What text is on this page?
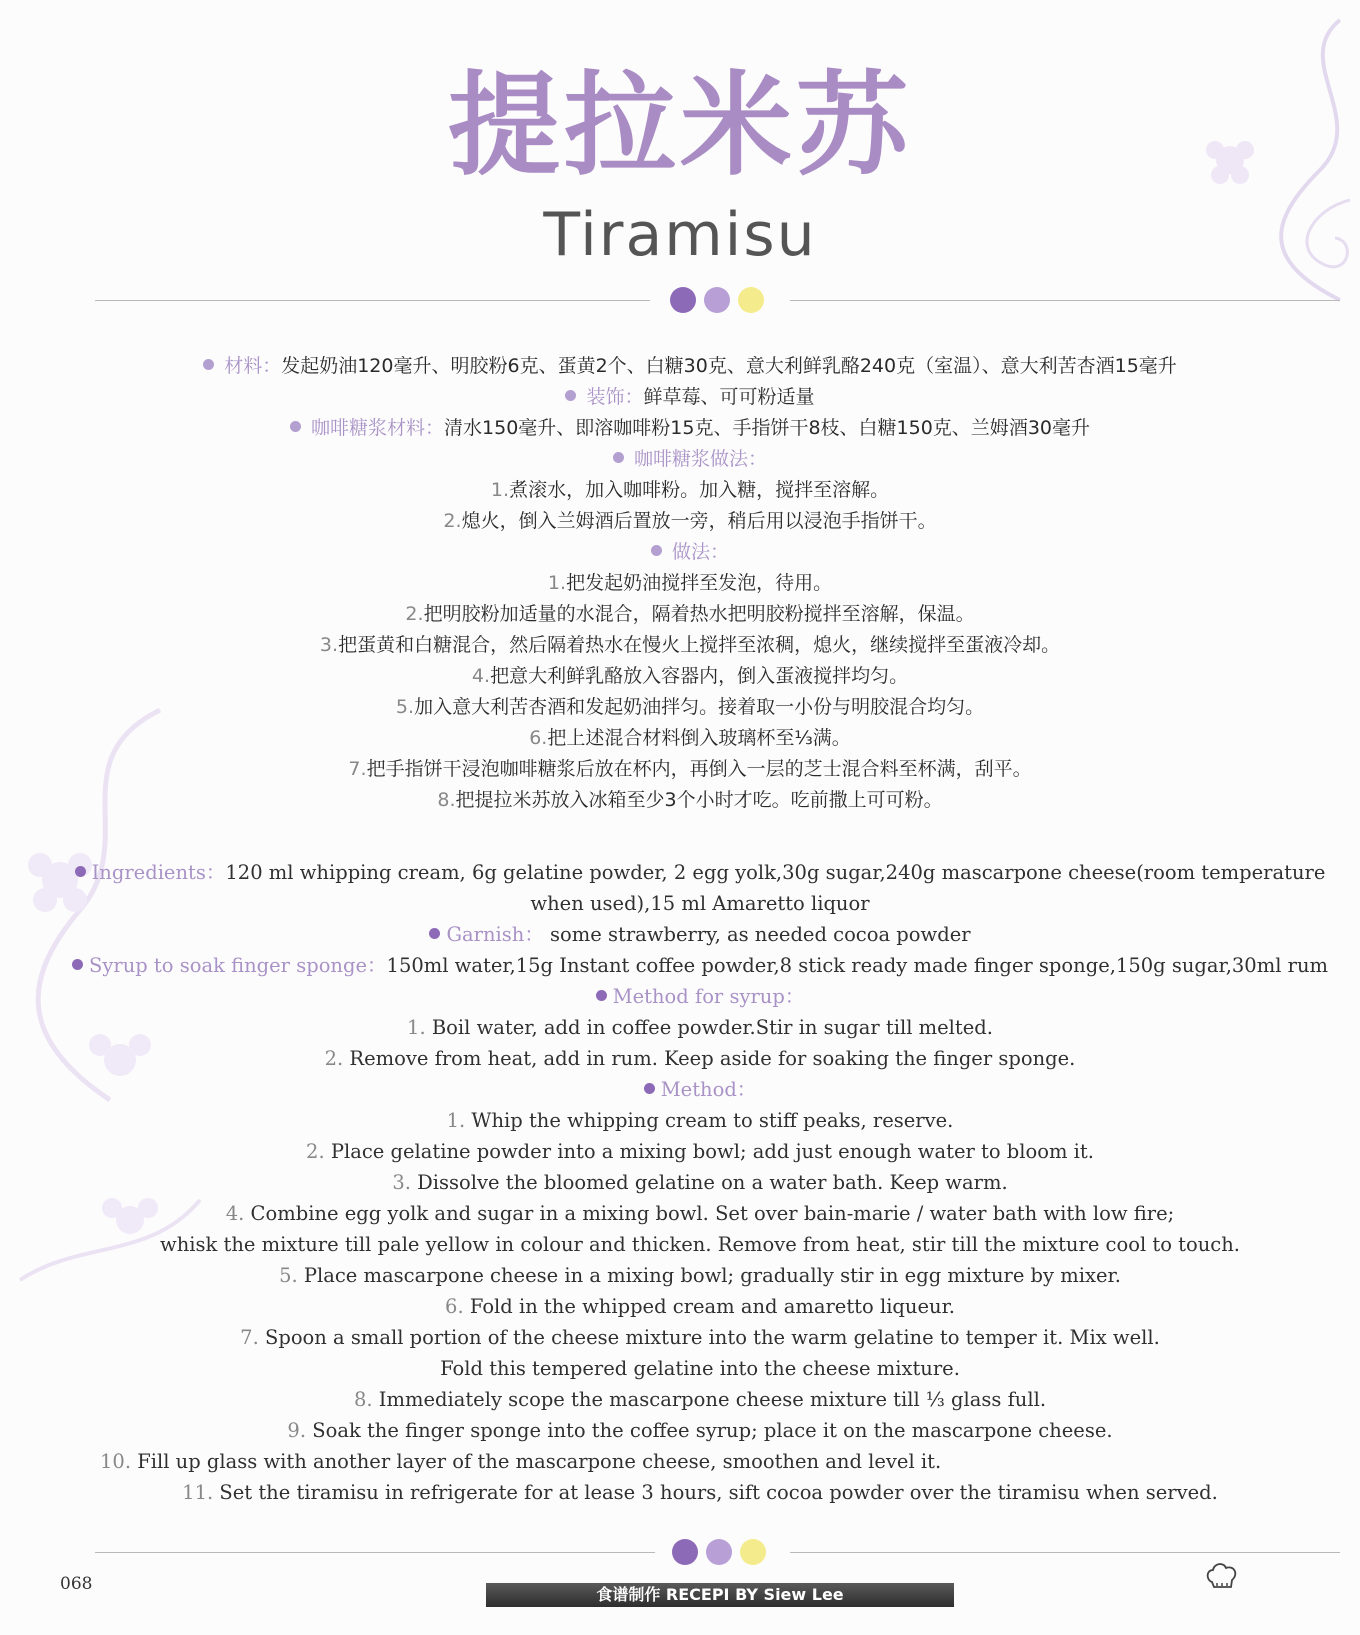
提拉米苏
Tiramisu
材料：发起奶油120毫升、明胶粉6克、蛋黄2个、白糖30克、意大利鲜乳酪240克（室温）、意大利苦杏酒15毫升
装饰：鲜草莓、可可粉适量
咖啡糖浆材料：清水150毫升、即溶咖啡粉15克、手指饼干8枝、白糖150克、兰姆酒30毫升
咖啡糖浆做法：
1.煮滚水，加入咖啡粉。加入糖，搅拌至溶解。
2.熄火，倒入兰姆酒后置放一旁，稍后用以浸泡手指饼干。
做法：
1.把发起奶油搅拌至发泡，待用。
2.把明胶粉加适量的水混合，隔着热水把明胶粉搅拌至溶解，保温。
3.把蛋黄和白糖混合，然后隔着热水在慢火上搅拌至浓稠，熄火，继续搅拌至蛋液冷却。
4.把意大利鲜乳酪放入容器内，倒入蛋液搅拌均匀。
5.加入意大利苦杏酒和发起奶油拌匀。接着取一小份与明胶混合均匀。
6.把上述混合材料倒入玻璃杯至⅓满。
7.把手指饼干浸泡咖啡糖浆后放在杯内，再倒入一层的芝士混合料至杯满，刮平。
8.把提拉米苏放入冰箱至少3个小时才吃。吃前撒上可可粉。
Ingredients：120 ml whipping cream, 6g gelatine powder, 2 egg yolk,30g sugar,240g mascarpone cheese(room temperature
when used),15 ml Amaretto liquor
Garnish： some strawberry, as needed cocoa powder
Syrup to soak finger sponge：150ml water,15g Instant coffee powder,8 stick ready made finger sponge,150g sugar,30ml rum
Method for syrup：
1. Boil water, add in coffee powder.Stir in sugar till melted.
2. Remove from heat, add in rum. Keep aside for soaking the finger sponge.
Method：
1. Whip the whipping cream to stiff peaks, reserve.
2. Place gelatine powder into a mixing bowl; add just enough water to bloom it.
3. Dissolve the bloomed gelatine on a water bath. Keep warm.
4. Combine egg yolk and sugar in a mixing bowl. Set over bain-marie / water bath with low fire;
whisk the mixture till pale yellow in colour and thicken. Remove from heat, stir till the mixture cool to touch.
5. Place mascarpone cheese in a mixing bowl; gradually stir in egg mixture by mixer.
6. Fold in the whipped cream and amaretto liqueur.
7. Spoon a small portion of the cheese mixture into the warm gelatine to temper it. Mix well.
Fold this tempered gelatine into the cheese mixture.
8. Immediately scope the mascarpone cheese mixture till ⅓ glass full.
9. Soak the finger sponge into the coffee syrup; place it on the mascarpone cheese.
10. Fill up glass with another layer of the mascarpone cheese, smoothen and level it.
11. Set the tiramisu in refrigerate for at lease 3 hours, sift cocoa powder over the tiramisu when served.
068
食谱制作 RECEPI BY Siew Lee
